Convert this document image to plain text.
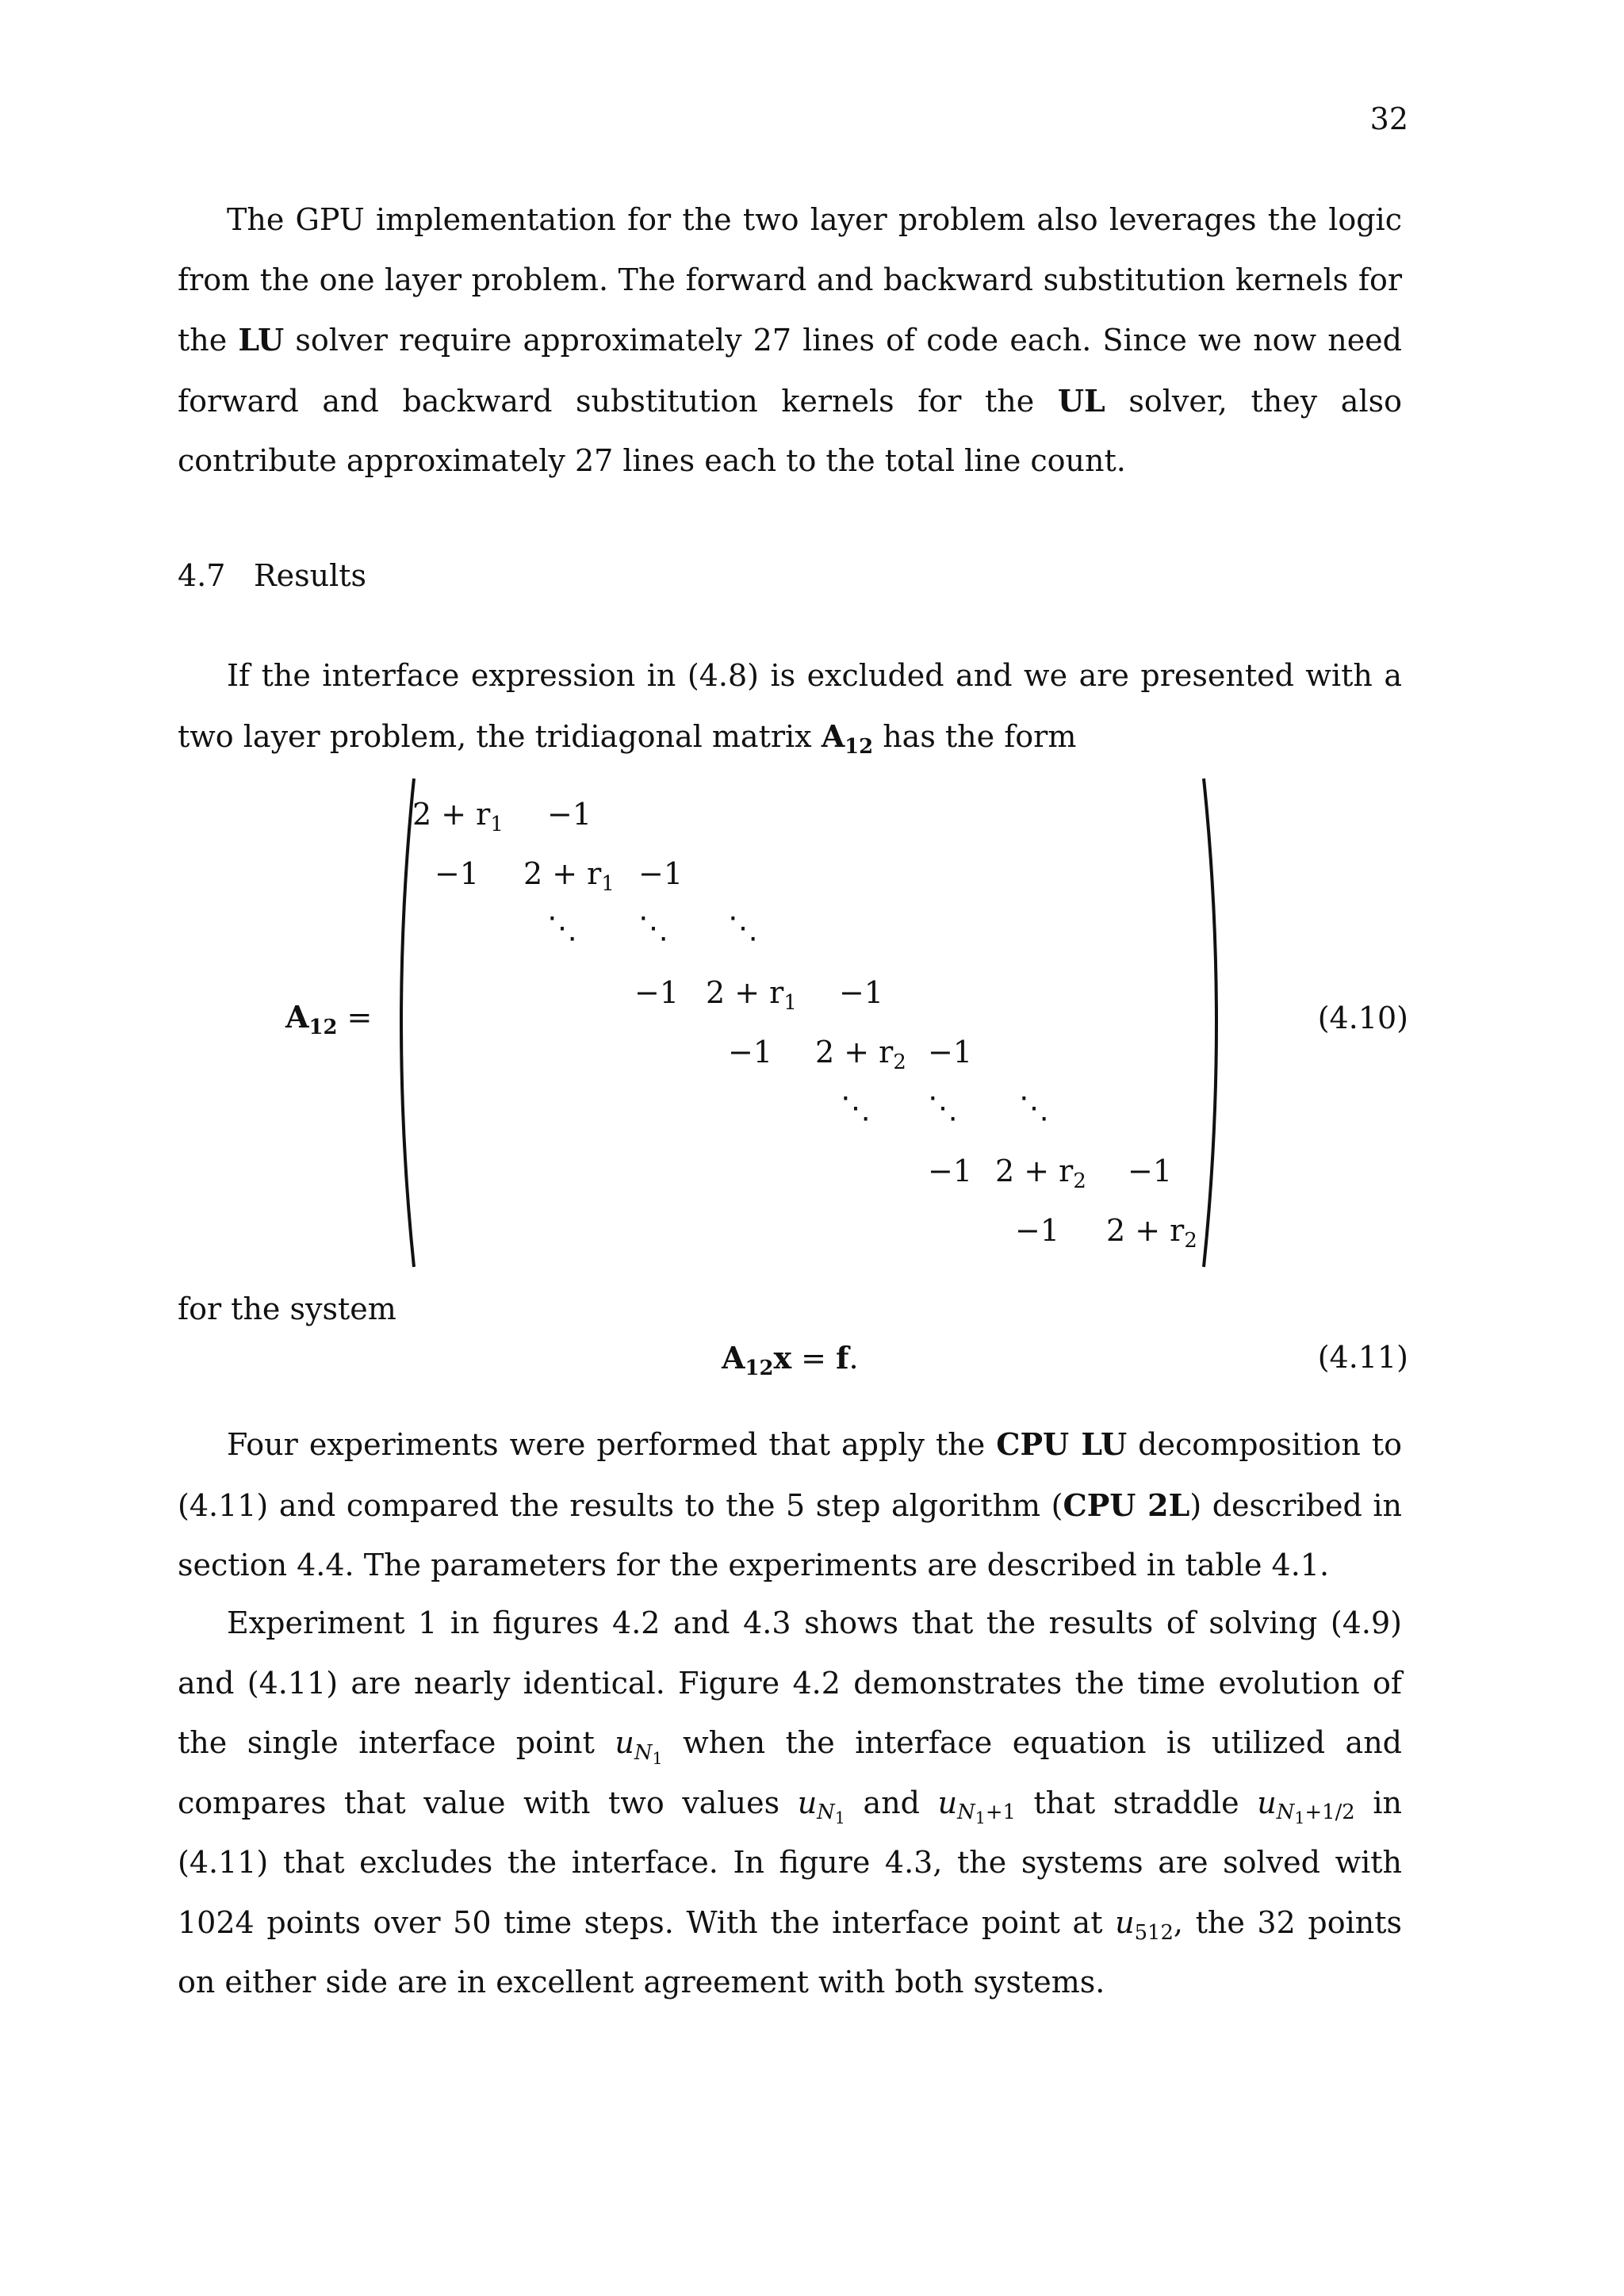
32

The GPU implementation for the two layer problem also leverages the logic from the one layer problem. The forward and backward substitution kernels for the LU solver require approximately 27 lines of code each. Since we now need forward and backward substitution kernels for the UL solver, they also contribute approximately 27 lines each to the total line count.

4.7 Results

If the interface expression in (4.8) is excluded and we are presented with a two layer problem, the tridiagonal matrix $A_{12}$ has the form

$A_{12}$ =
$2 + r_1 -1$
−1 $2 + r_1 -1$
⋱ ⋱ ⋱
−1 $2 + r_1 -1$
−1 $2 + r_2 -1$
⋱ ⋱ ⋱
−1 $2 + r_2 -1$
−1 $2 + r_2$
(4.10)

for the system

$A_{12}x = f$.	(4.11)

Four experiments were performed that apply the CPU LU decomposition to (4.11) and compared the results to the 5 step algorithm (CPU 2L) described in section 4.4. The parameters for the experiments are described in table 4.1.

Experiment 1 in figures 4.2 and 4.3 shows that the results of solving (4.9) and (4.11) are nearly identical. Figure 4.2 demonstrates the time evolution of the single interface point $u_{N_1}$ when the interface equation is utilized and compares that value with two values $u_{N_1}$ and $u_{N_1+1}$ that straddle $u_{N_1+1/2}$ in (4.11) that excludes the interface. In figure 4.3, the systems are solved with 1024 points over 50 time steps. With the interface point at $u_{512}$, the 32 points on either side are in excellent agreement with both systems.
